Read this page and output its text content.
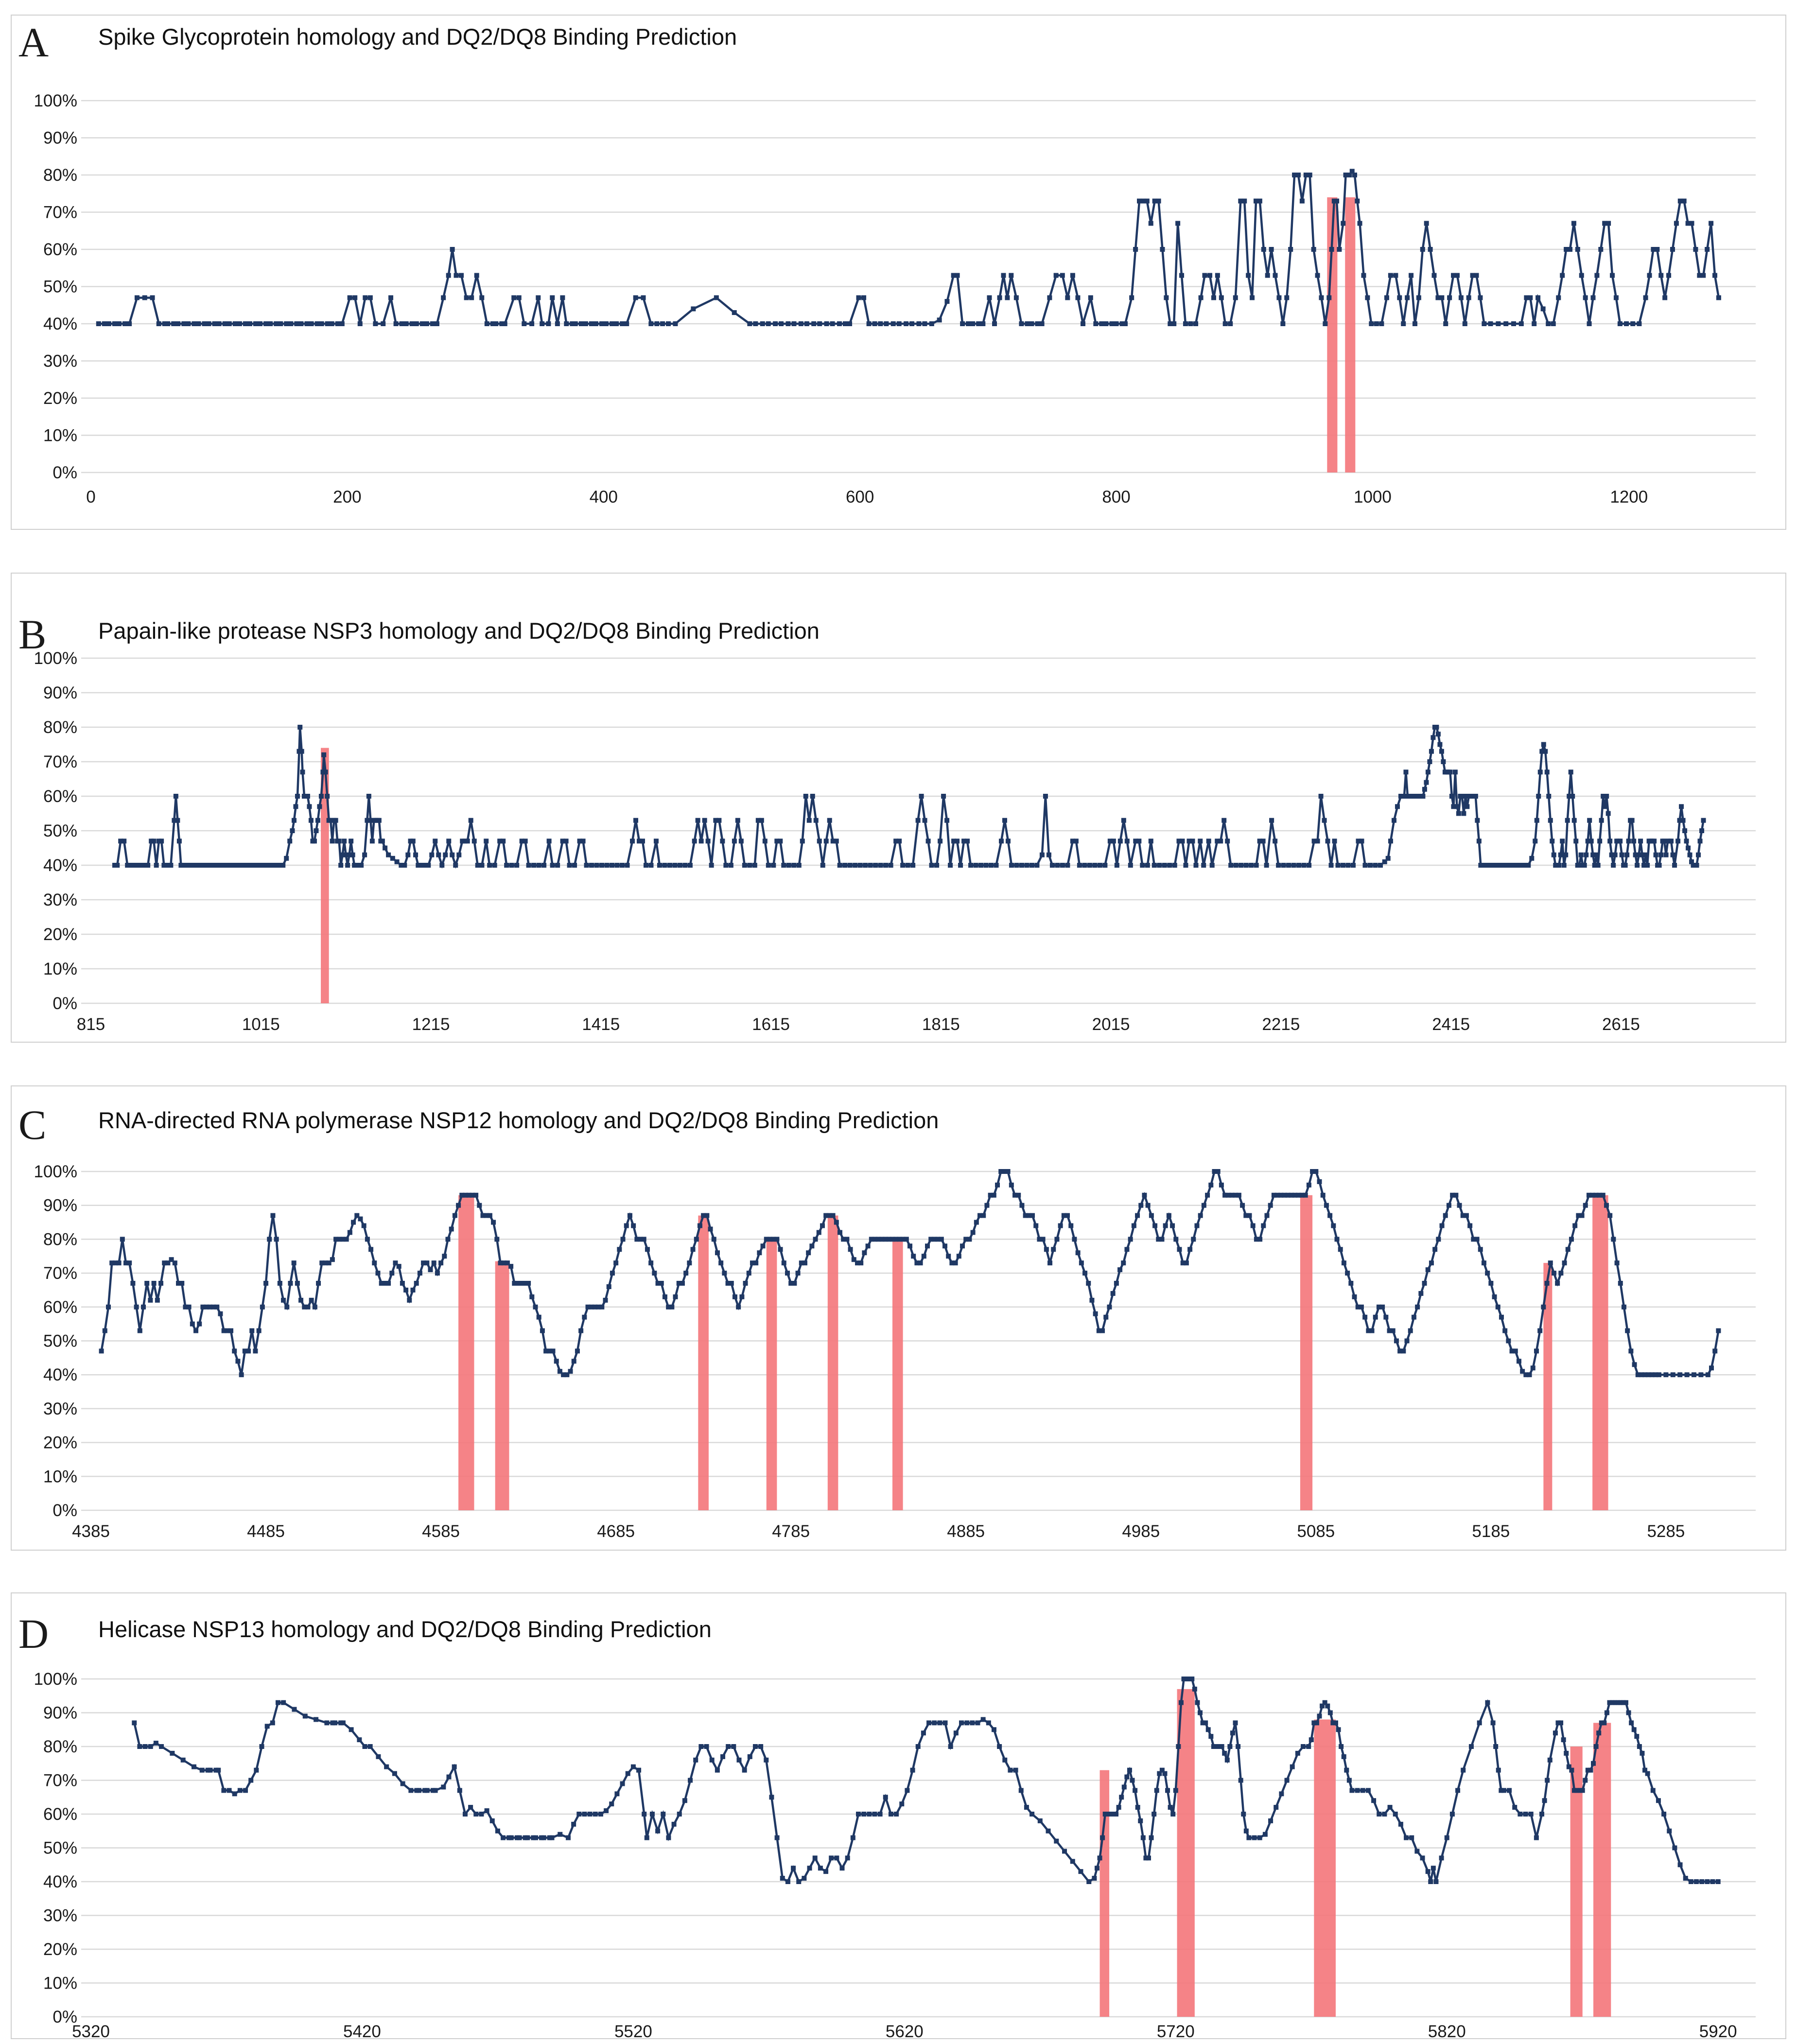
A Spike Glycoprotein homology and DQ2/DQ8 Binding Prediction
0%
10%
20%
30%
40%
50%
60%
70%
80%
90%
100%
0	200	400	600	800	1000	1200
B Papain-like protease NSP3 homology and DQ2/DQ8 Binding Prediction
0%
10%
20%
30%
40%
50%
60%
70%
80%
90%
100%
815	1015	1215	1415	1615	1815	2015	2215	2415	2615
C RNA-directed RNA polymerase NSP12 homology and DQ2/DQ8 Binding Prediction
0%
10%
20%
30%
40%
50%
60%
70%
80%
90%
100%
4385	4485	4585	4685	4785	4885	4985	5085	5185	5285
D Helicase NSP13 homology and DQ2/DQ8 Binding Prediction
0%
10%
20%
30%
40%
50%
60%
70%
80%
90%
100%
5320	5420	5520	5620	5720	5820	5920
